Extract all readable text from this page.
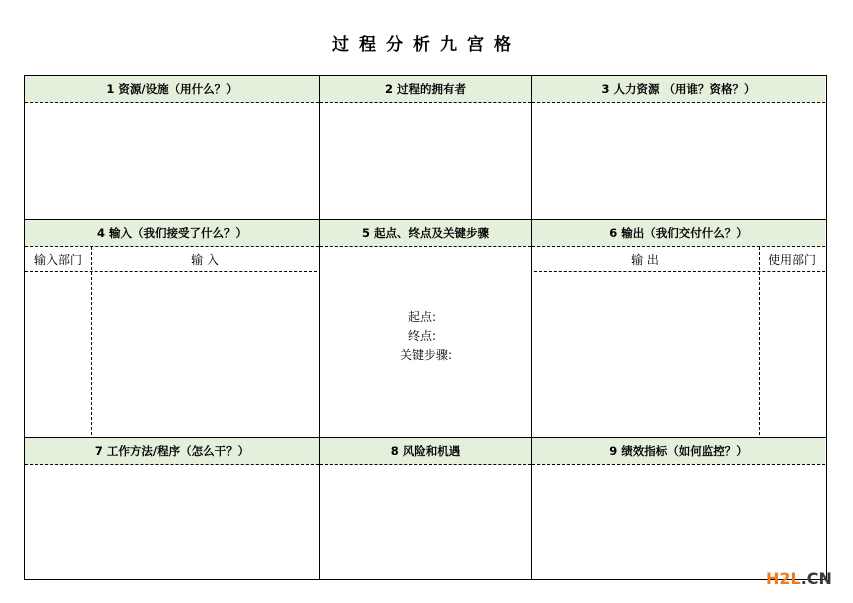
过程分析九宫格
1 资源/设施（用什么？）	2 过程的拥有者	3 人力资源 （用谁？资格？）
4 输入（我们接受了什么？）	5 起点、终点及关键步骤	6 输出（我们交付什么？）
输入部门	输 入
起点:
终点:
关键步骤:
输 出	使用部门
7 工作方法/程序（怎么干？）	8 风险和机遇	9 绩效指标（如何监控？）
H2L.CN
